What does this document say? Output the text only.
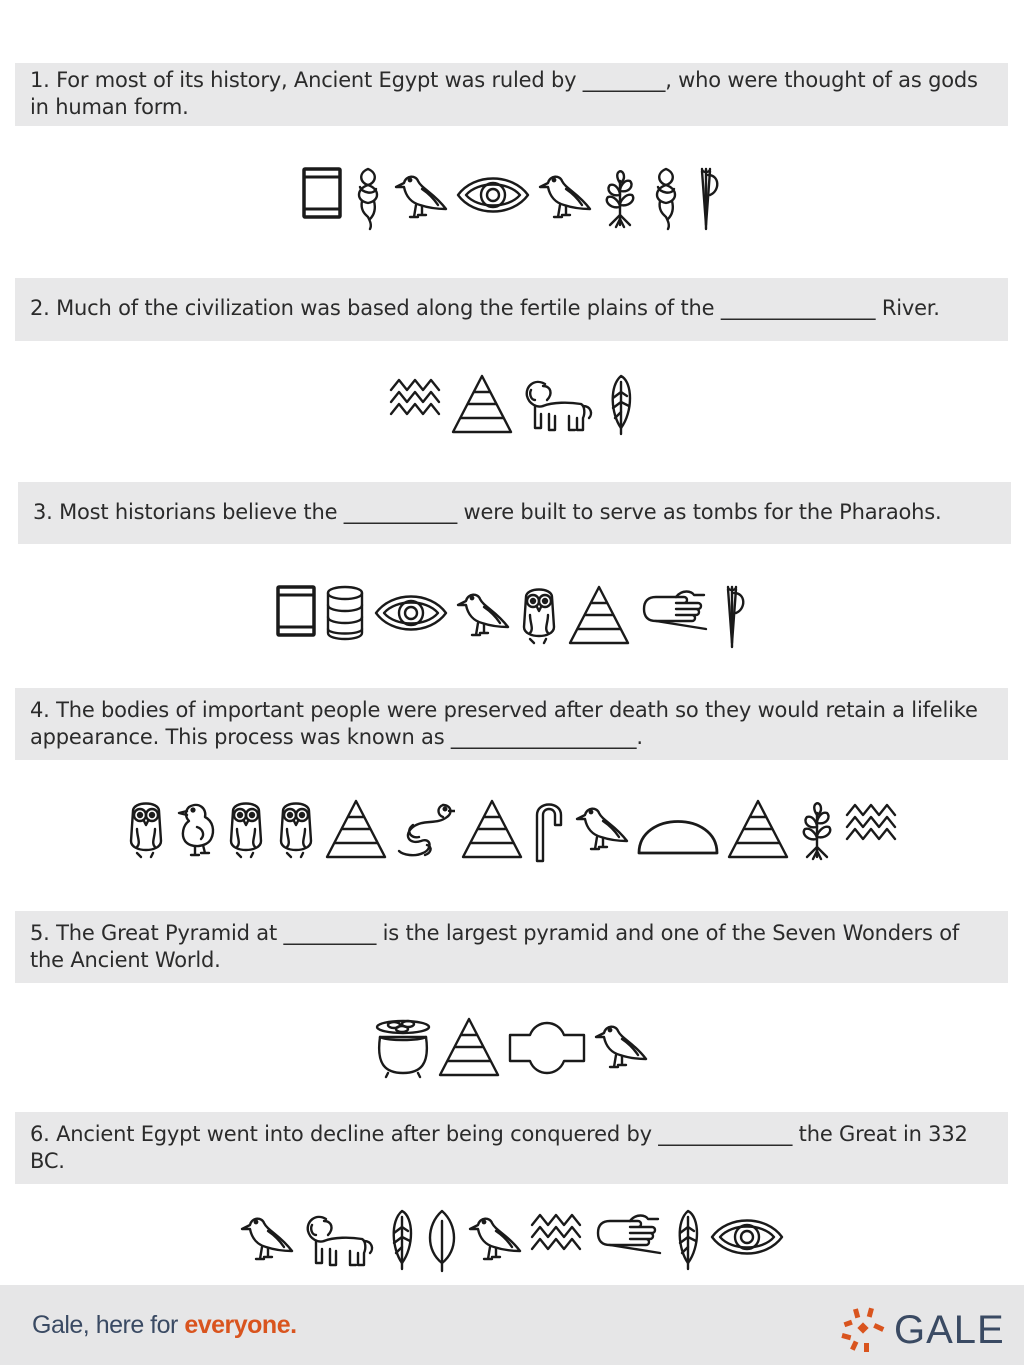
1. For most of its history, Ancient Egypt was ruled by ________, who were thought of as gods in human form.
2. Much of the civilization was based along the fertile plains of the _______________ River.
3. Most historians believe the ___________ were built to serve as tombs for the Pharaohs.
4. The bodies of important people were preserved after death so they would retain a lifelike appearance. This process was known as __________________.
5. The Great Pyramid at _________ is the largest pyramid and one of the Seven Wonders of the Ancient World.
6. Ancient Egypt went into decline after being conquered by _____________ the Great in 332 BC.
Gale, here for everyone.	GALE
